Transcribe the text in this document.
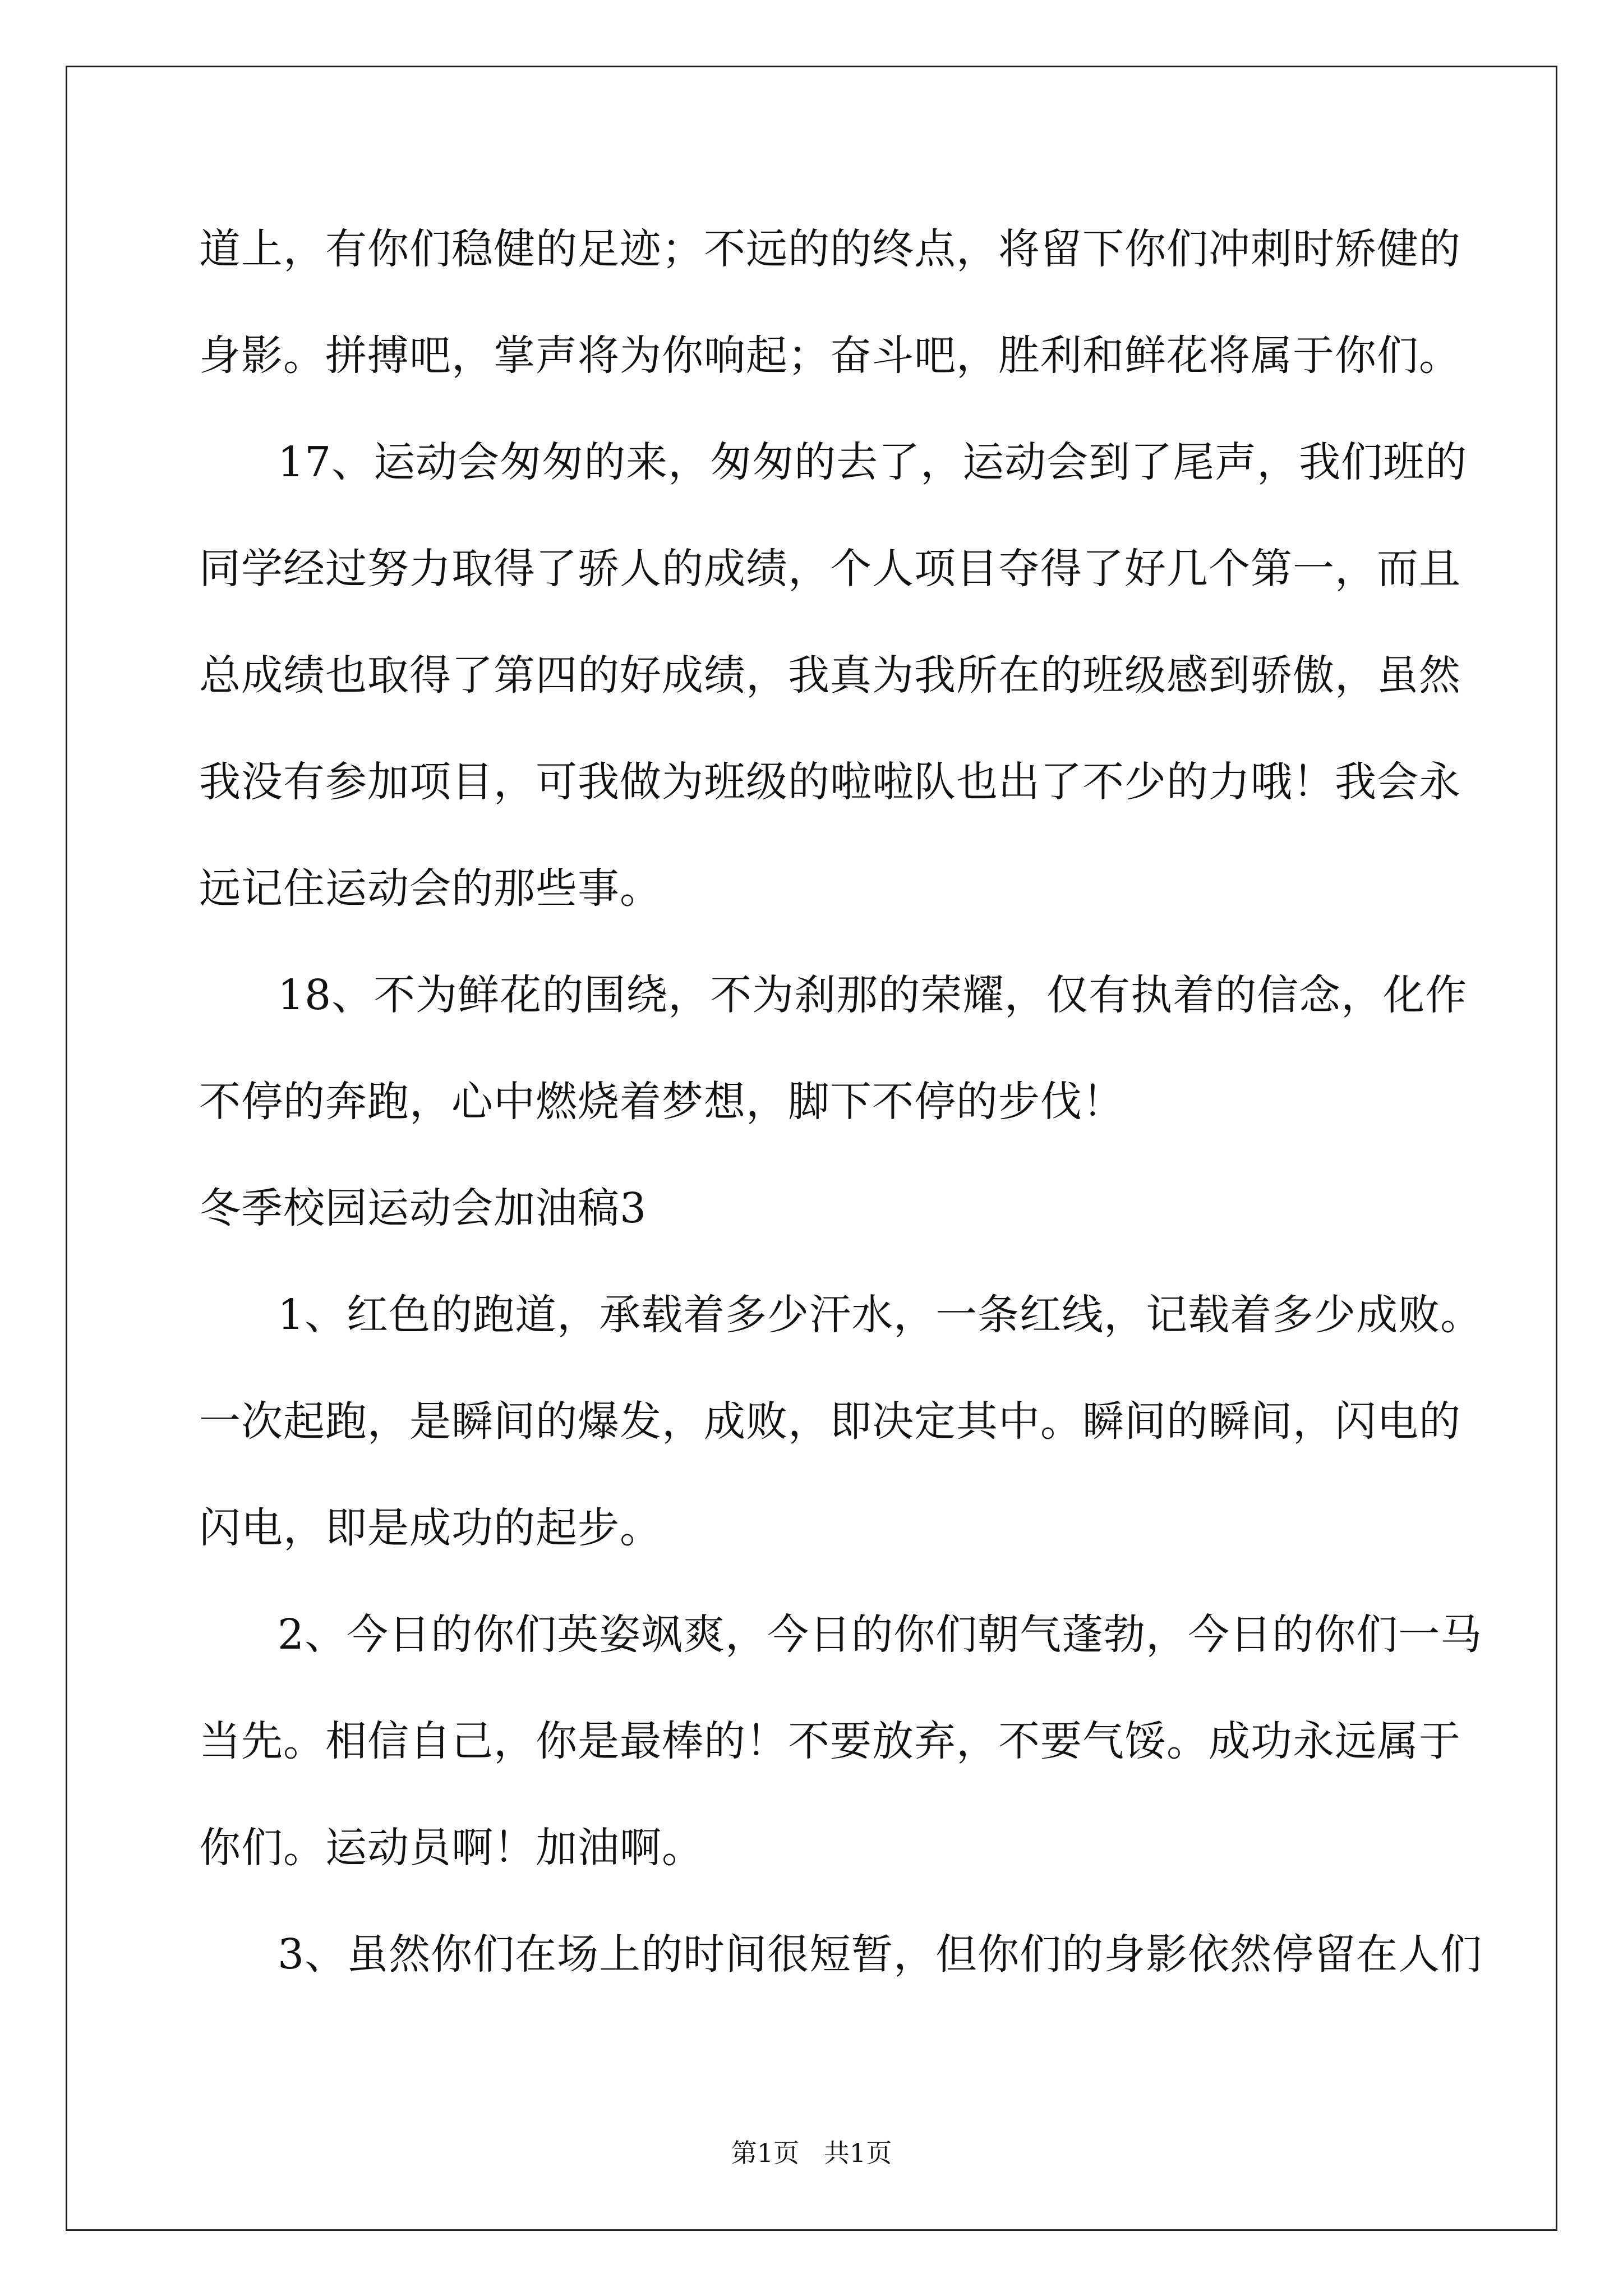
道上，有你们稳健的足迹；不远的的终点，将留下你们冲刺时矫健的
身影。拼搏吧，掌声将为你响起；奋斗吧，胜利和鲜花将属于你们。
17、运动会匆匆的来，匆匆的去了，运动会到了尾声，我们班的
同学经过努力取得了骄人的成绩，个人项目夺得了好几个第一，而且
总成绩也取得了第四的好成绩，我真为我所在的班级感到骄傲，虽然
我没有参加项目，可我做为班级的啦啦队也出了不少的力哦！我会永
远记住运动会的那些事。
18、不为鲜花的围绕，不为刹那的荣耀，仅有执着的信念，化作
不停的奔跑，心中燃烧着梦想，脚下不停的步伐！
冬季校园运动会加油稿3
1、红色的跑道，承载着多少汗水，一条红线，记载着多少成败。
一次起跑，是瞬间的爆发，成败，即决定其中。瞬间的瞬间，闪电的
闪电，即是成功的起步。
2、今日的你们英姿飒爽，今日的你们朝气蓬勃，今日的你们一马
当先。相信自己，你是最棒的！不要放弃，不要气馁。成功永远属于
你们。运动员啊！加油啊。
3、虽然你们在场上的时间很短暂，但你们的身影依然停留在人们
第1页   共1页
